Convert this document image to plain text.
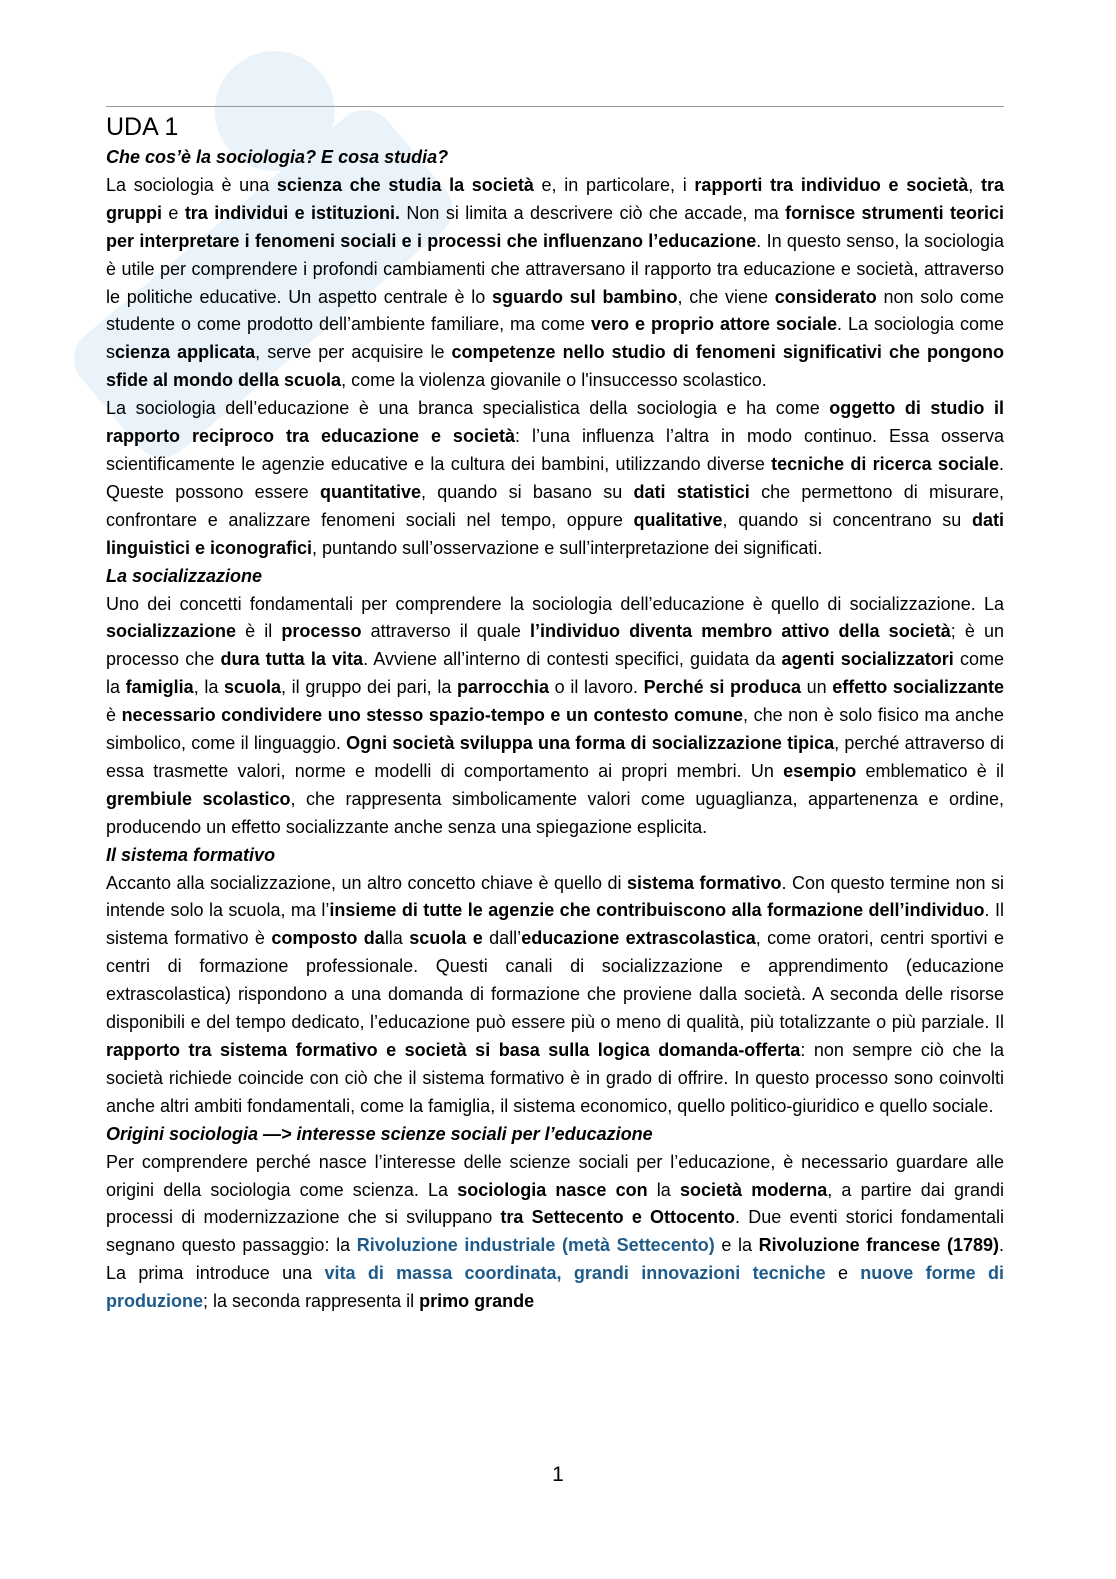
UDA 1

Che cos’è la sociologia? E cosa studia?

La sociologia è una scienza che studia la società e, in particolare, i rapporti tra individuo e società, tra gruppi e tra individui e istituzioni. Non si limita a descrivere ciò che accade, ma fornisce strumenti teorici per interpretare i fenomeni sociali e i processi che influenzano l’educazione. In questo senso, la sociologia è utile per comprendere i profondi cambiamenti che attraversano il rapporto tra educazione e società, attraverso le politiche educative. Un aspetto centrale è lo sguardo sul bambino, che viene considerato non solo come studente o come prodotto dell’ambiente familiare, ma come vero e proprio attore sociale. La sociologia come scienza applicata, serve per acquisire le competenze nello studio di fenomeni significativi che pongono sfide al mondo della scuola, come la violenza giovanile o l'insuccesso scolastico.

La sociologia dell’educazione è una branca specialistica della sociologia e ha come oggetto di studio il rapporto reciproco tra educazione e società: l’una influenza l’altra in modo continuo. Essa osserva scientificamente le agenzie educative e la cultura dei bambini, utilizzando diverse tecniche di ricerca sociale. Queste possono essere quantitative, quando si basano su dati statistici che permettono di misurare, confrontare e analizzare fenomeni sociali nel tempo, oppure qualitative, quando si concentrano su dati linguistici e iconografici, puntando sull’osservazione e sull’interpretazione dei significati.

La socializzazione

Uno dei concetti fondamentali per comprendere la sociologia dell’educazione è quello di socializzazione. La socializzazione è il processo attraverso il quale l’individuo diventa membro attivo della società; è un processo che dura tutta la vita. Avviene all’interno di contesti specifici, guidata da agenti socializzatori come la famiglia, la scuola, il gruppo dei pari, la parrocchia o il lavoro. Perché si produca un effetto socializzante è necessario condividere uno stesso spazio-tempo e un contesto comune, che non è solo fisico ma anche simbolico, come il linguaggio. Ogni società sviluppa una forma di socializzazione tipica, perché attraverso di essa trasmette valori, norme e modelli di comportamento ai propri membri. Un esempio emblematico è il grembiule scolastico, che rappresenta simbolicamente valori come uguaglianza, appartenenza e ordine, producendo un effetto socializzante anche senza una spiegazione esplicita.

Il sistema formativo

Accanto alla socializzazione, un altro concetto chiave è quello di sistema formativo. Con questo termine non si intende solo la scuola, ma l’insieme di tutte le agenzie che contribuiscono alla formazione dell’individuo. Il sistema formativo è composto dalla scuola e dall’educazione extrascolastica, come oratori, centri sportivi e centri di formazione professionale. Questi canali di socializzazione e apprendimento (educazione extrascolastica) rispondono a una domanda di formazione che proviene dalla società. A seconda delle risorse disponibili e del tempo dedicato, l’educazione può essere più o meno di qualità, più totalizzante o più parziale. Il rapporto tra sistema formativo e società si basa sulla logica domanda-offerta: non sempre ciò che la società richiede coincide con ciò che il sistema formativo è in grado di offrire. In questo processo sono coinvolti anche altri ambiti fondamentali, come la famiglia, il sistema economico, quello politico-giuridico e quello sociale.

Origini sociologia —> interesse scienze sociali per l’educazione

Per comprendere perché nasce l’interesse delle scienze sociali per l’educazione, è necessario guardare alle origini della sociologia come scienza. La sociologia nasce con la società moderna, a partire dai grandi processi di modernizzazione che si sviluppano tra Settecento e Ottocento. Due eventi storici fondamentali segnano questo passaggio: la Rivoluzione industriale (metà Settecento) e la Rivoluzione francese (1789). La prima introduce una vita di massa coordinata, grandi innovazioni tecniche e nuove forme di produzione; la seconda rappresenta il primo grande

1
